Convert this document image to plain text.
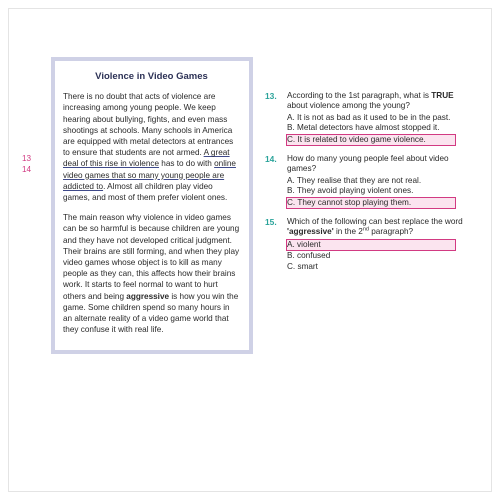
13
14
Violence in Video Games

There is no doubt that acts of violence are increasing among young people. We keep hearing about bullying, fights, and even mass shootings at schools. Many schools in America are equipped with metal detectors at entrances to ensure that students are not armed. A great deal of this rise in violence has to do with online video games that so many young people are addicted to. Almost all children play video games, and most of them prefer violent ones.

The main reason why violence in video games can be so harmful is because children are young and they have not developed critical judgment. Their brains are still forming, and when they play video games whose object is to kill as many people as they can, this affects how their brains work. It starts to feel normal to want to hurt others and being aggressive is how you win the game. Some children spend so many hours in an alternate reality of a video game world that they confuse it with real life.

13. According to the 1st paragraph, what is TRUE about violence among the young?
A. It is not as bad as it used to be in the past.
B. Metal detectors have almost stopped it.
C. It is related to video game violence.
14. How do many young people feel about video games?
A. They realise that they are not real.
B. They avoid playing violent ones.
C. They cannot stop playing them.
15. Which of the following can best replace the word 'aggressive' in the 2nd paragraph?
A. violent
B. confused
C. smart
